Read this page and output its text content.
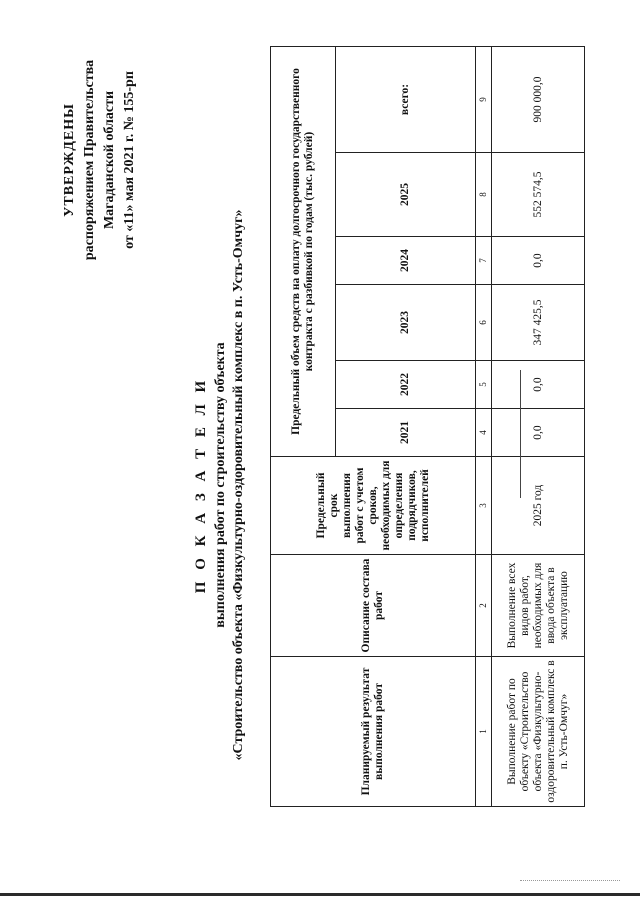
УТВЕРЖДЕНЫ распоряжением Правительства Магаданской области от «11» мая 2021 г. № 155-рп
П О К А З А Т Е Л И выполнения работ по строительству объекта «Строительство объекта «Физкультурно-оздоровительный комплекс в п. Усть-Омчуг»	Планируемый результат выполнения работ	Описание состава работ	Предельный срок выполнения работ с учетом сроков, необходимых для определения подрядчиков, исполнителей	Предельный объем средств на оплату долгосрочного государственного контракта с разбивкой по годам (тыс. рублей)					
			2021	2022	2023	2024	2025	всего:
1	2	3	4	5	6	7	8	9
Выполнение работ по объекту «Строительство объекта «Физкультурно-оздоровительный комплекс в п. Усть-Омчуг»	Выполнение всех видов работ, необходимых для ввода объекта в эксплуатацию	2025 год	0,0	0,0	347 425,5	0,0	552 574,5	900 000,0
